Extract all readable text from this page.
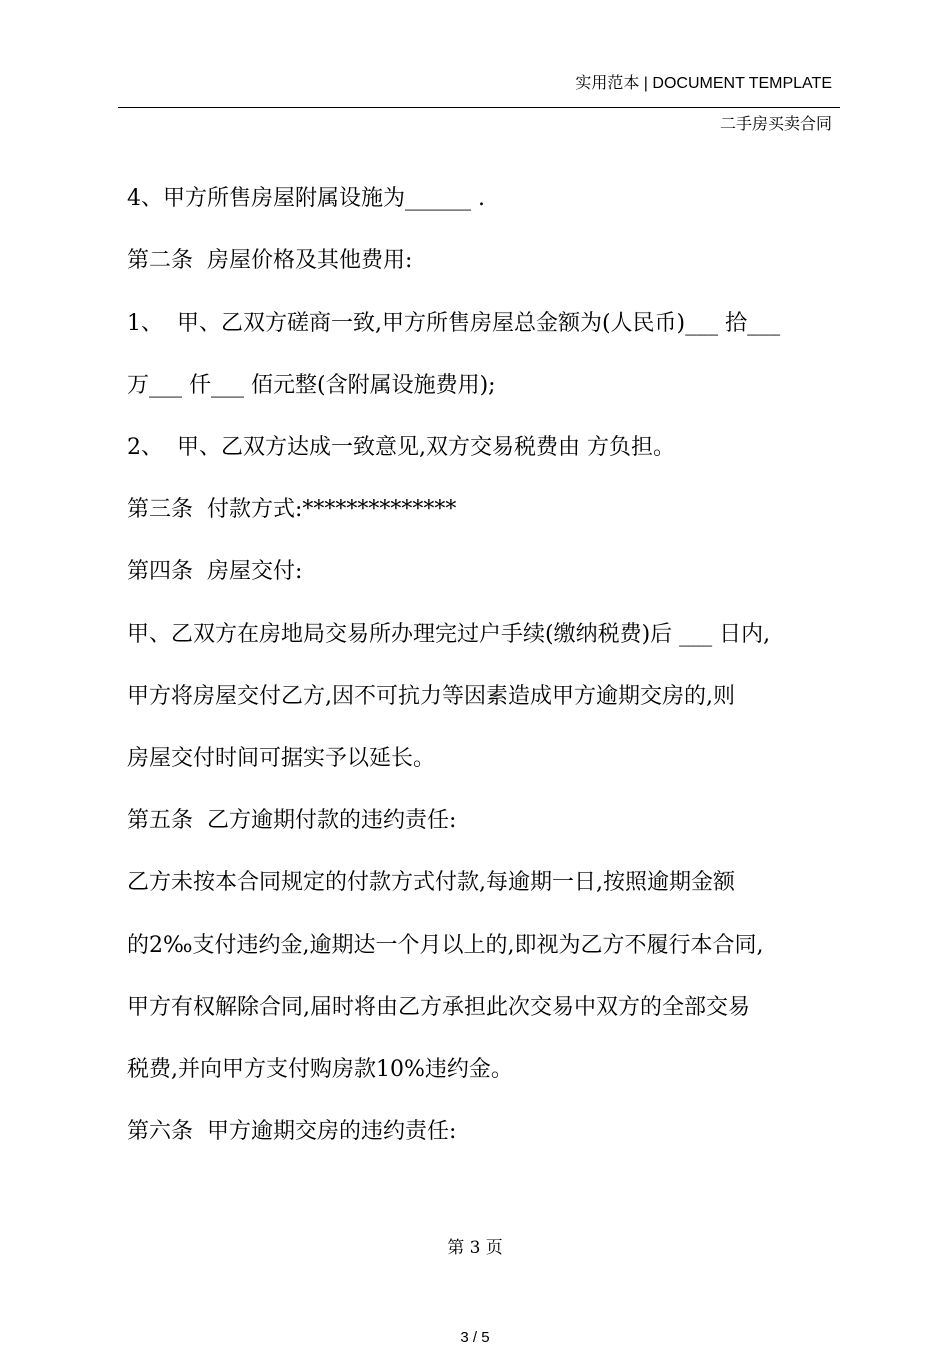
实用范本 | DOCUMENT TEMPLATE
二手房买卖合同
4、甲方所售房屋附属设施为______ .
第二条  房屋价格及其他费用:
1、  甲、乙双方磋商一致,甲方所售房屋总金额为(人民币)___ 拾___
万___ 仟___ 佰元整(含附属设施费用);
2、  甲、乙双方达成一致意见,双方交易税费由 方负担。
第三条  付款方式:**************
第四条  房屋交付:
甲、乙双方在房地局交易所办理完过户手续(缴纳税费)后 ___ 日内,
甲方将房屋交付乙方,因不可抗力等因素造成甲方逾期交房的,则
房屋交付时间可据实予以延长。
第五条  乙方逾期付款的违约责任:
乙方未按本合同规定的付款方式付款,每逾期一日,按照逾期金额
的2‰支付违约金,逾期达一个月以上的,即视为乙方不履行本合同,
甲方有权解除合同,届时将由乙方承担此次交易中双方的全部交易
税费,并向甲方支付购房款10%违约金。
第六条  甲方逾期交房的违约责任:
第 3 页
3 / 5
